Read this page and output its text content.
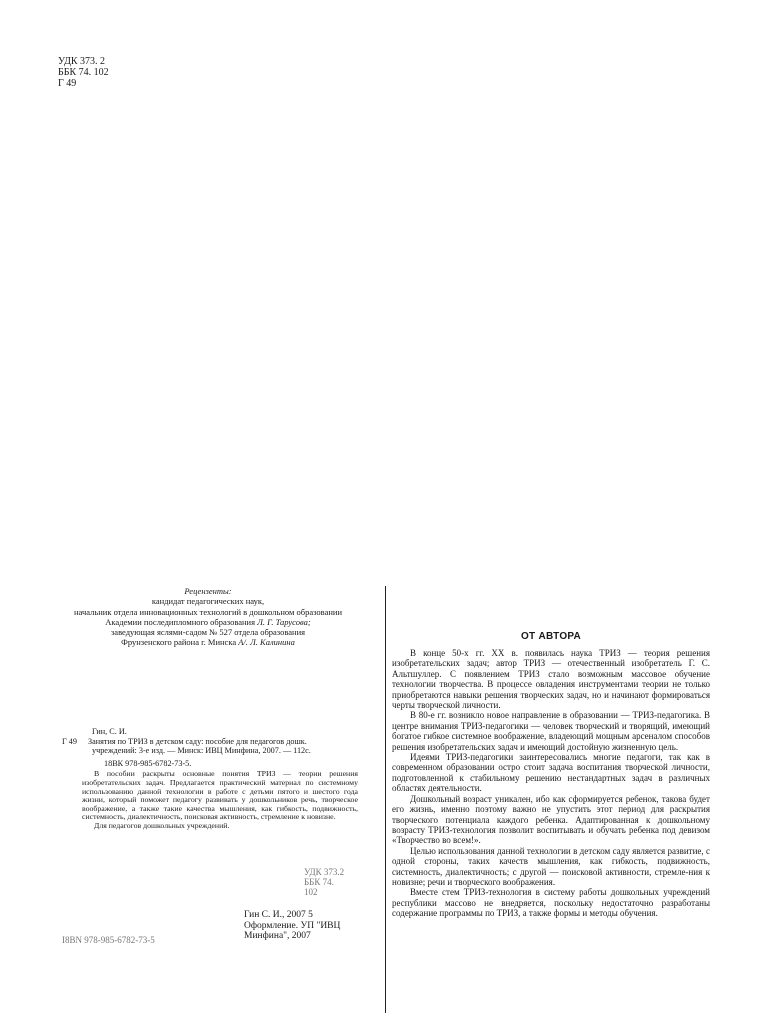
УДК 373. 2
ББК 74. 102
Г 49
Рецензенты:
кандидат педагогических наук,
начальник отдела инновационных технологий в дошкольном образовании
Академии последипломного образования Л. Г. Тарусова;
заведующая яслями-садом № 527 отдела образования
Фрунзенского района г. Минска А/. Л. Калинина
Гин, С. И.
Г 49	Занятия по ТРИЗ в детском саду: пособие для педагогов дошк.
учреждений: 3-е изд. — Минск: ИВЦ Минфина, 2007. — 112с.
18ВК 978-985-6782-73-5.
В пособии раскрыты основные понятия ТРИЗ — теории решения изобретательских задач. Предлагается практический материал по системному использованию данной технологии в работе с детьми пятого и шестого года жизни, который поможет педагогу развивать у дошкольников речь, творческое воображение, а также такие качества мышления, как гибкость, подвижность, системность, диалектичность, поисковая активность, стремление к новизне.
Для педагогов дошкольных учреждений.
УДК 373.2
ББК 74.
102
Гин С. И., 2007 5
Оформление. УП "ИВЦ
Минфина", 2007
I8BN 978-985-6782-73-5
ОТ АВТОРА

В конце 50-х гг. XX в. появилась наука ТРИЗ — теория решения изобретательских задач; автор ТРИЗ — отечественный изобретатель Г. С. Альтшуллер. С появлением ТРИЗ стало возможным массовое обучение технологии творчества. В процессе овладения инструментами теории не только приобретаются навыки решения творческих задач, но и начинают формироваться черты творческой личности.

В 80-е гг. возникло новое направление в образовании — ТРИЗ-педагогика. В центре внимания ТРИЗ-педагогики — человек творческий и творящий, имеющий богатое гибкое системное воображение, владеющий мощным арсеналом способов решения изобретательских задач и имеющий достойную жизненную цель.

Идеями ТРИЗ-педагогики заинтересовались многие педагоги, так как в современном образовании остро стоит задача воспитания творческой личности, подготовленной к стабильному решению нестандартных задач в различных областях деятельности.

Дошкольный возраст уникален, ибо как сформируется ребенок, такова будет его жизнь, именно поэтому важно не упустить этот период для раскрытия творческого потенциала каждого ребенка. Адаптированная к дошкольному возрасту ТРИЗ-технология позволит воспитывать и обучать ребенка под девизом «Творчество во всем!».

Целью использования данной технологии в детском саду является развитие, с одной стороны, таких качеств мышления, как гибкость, подвижность, системность, диалектичность; с другой — поисковой активности, стремле-ния к новизне; речи и творческого воображения.

Вместе стем ТРИЗ-технология в систему работы дошкольных учреждений республики массово не внедряется, поскольку недостаточно разработаны содержание программы по ТРИЗ, а также формы и методы обучения.
